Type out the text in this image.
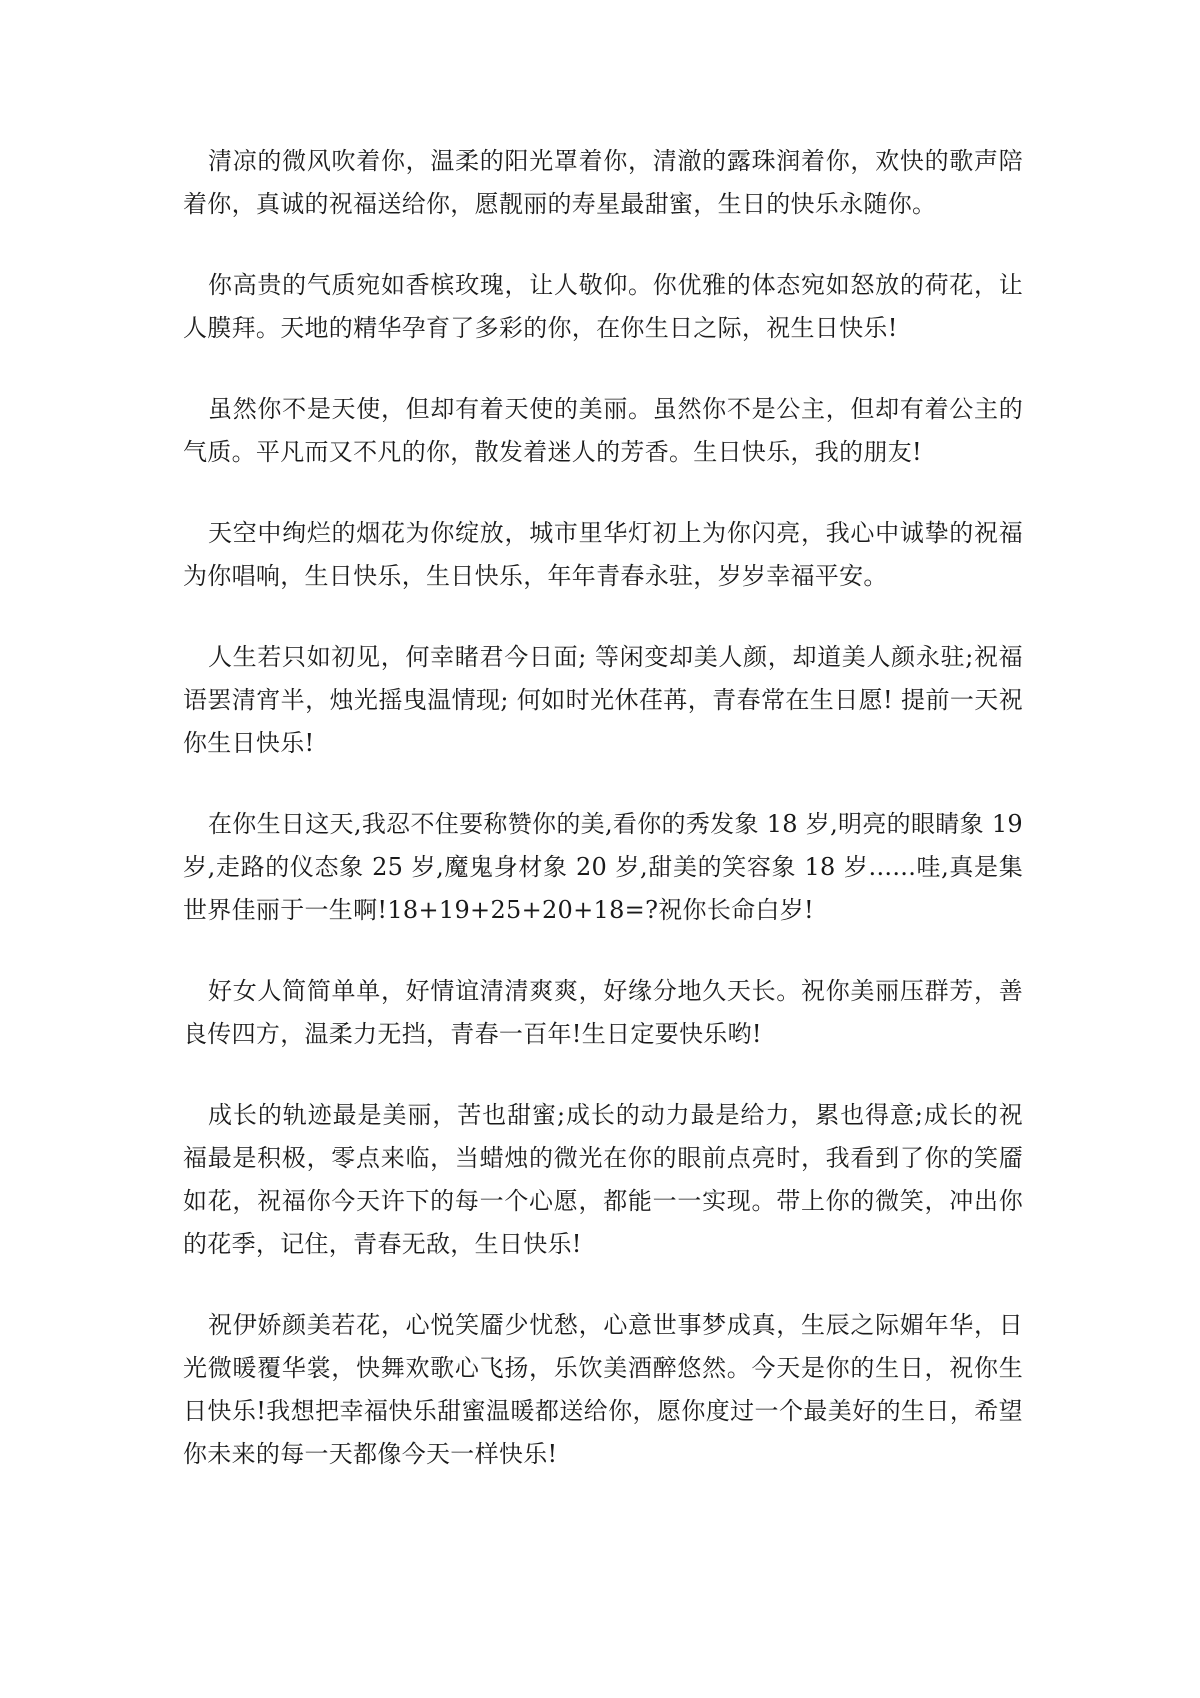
清凉的微风吹着你，温柔的阳光罩着你，清澈的露珠润着你，欢快的歌声陪着你，真诚的祝福送给你，愿靓丽的寿星最甜蜜，生日的快乐永随你。

你高贵的气质宛如香槟玫瑰，让人敬仰。你优雅的体态宛如怒放的荷花，让人膜拜。天地的精华孕育了多彩的你，在你生日之际，祝生日快乐!

虽然你不是天使，但却有着天使的美丽。虽然你不是公主，但却有着公主的气质。平凡而又不凡的你，散发着迷人的芳香。生日快乐，我的朋友!

天空中绚烂的烟花为你绽放，城市里华灯初上为你闪亮，我心中诚挚的祝福为你唱响，生日快乐，生日快乐，年年青春永驻，岁岁幸福平安。

人生若只如初见，何幸睹君今日面; 等闲变却美人颜，却道美人颜永驻;祝福语罢清宵半，烛光摇曳温情现; 何如时光休荏苒，青春常在生日愿! 提前一天祝你生日快乐!

在你生日这天,我忍不住要称赞你的美,看你的秀发象 18 岁,明亮的眼睛象 19 岁,走路的仪态象 25 岁,魔鬼身材象 20 岁,甜美的笑容象 18 岁......哇,真是集世界佳丽于一生啊!18+19+25+20+18=?祝你长命白岁!

好女人简简单单，好情谊清清爽爽，好缘分地久天长。祝你美丽压群芳，善良传四方，温柔力无挡，青春一百年!生日定要快乐哟!

成长的轨迹最是美丽，苦也甜蜜;成长的动力最是给力，累也得意;成长的祝福最是积极，零点来临，当蜡烛的微光在你的眼前点亮时，我看到了你的笑靥如花，祝福你今天许下的每一个心愿，都能一一实现。带上你的微笑，冲出你的花季，记住，青春无敌，生日快乐!

祝伊娇颜美若花，心悦笑靥少忧愁，心意世事梦成真，生辰之际媚年华，日光微暖覆华裳，快舞欢歌心飞扬，乐饮美酒醉悠然。今天是你的生日，祝你生日快乐!我想把幸福快乐甜蜜温暖都送给你，愿你度过一个最美好的生日，希望你未来的每一天都像今天一样快乐!
